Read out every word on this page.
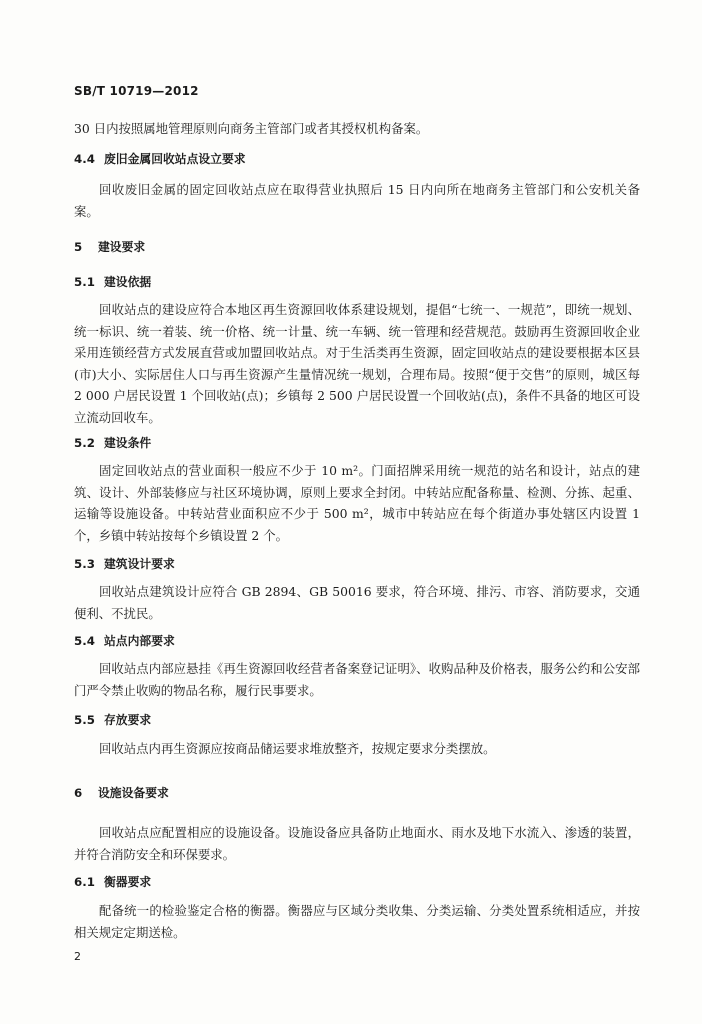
SB/T 10719—2012
30 日内按照属地管理原则向商务主管部门或者其授权机构备案。
4.4 废旧金属回收站点设立要求
回收废旧金属的固定回收站点应在取得营业执照后 15 日内向所在地商务主管部门和公安机关备案。
5 建设要求
5.1 建设依据
回收站点的建设应符合本地区再生资源回收体系建设规划，提倡“七统一、一规范”，即统一规划、统一标识、统一着装、统一价格、统一计量、统一车辆、统一管理和经营规范。鼓励再生资源回收企业采用连锁经营方式发展直营或加盟回收站点。对于生活类再生资源，固定回收站点的建设要根据本区县(市)大小、实际居住人口与再生资源产生量情况统一规划，合理布局。按照“便于交售”的原则，城区每 2 000 户居民设置 1 个回收站(点)；乡镇每 2 500 户居民设置一个回收站(点)，条件不具备的地区可设立流动回收车。
5.2 建设条件
固定回收站点的营业面积一般应不少于 10 m²。门面招牌采用统一规范的站名和设计，站点的建筑、设计、外部装修应与社区环境协调，原则上要求全封闭。中转站应配备称量、检测、分拣、起重、运输等设施设备。中转站营业面积应不少于 500 m²，城市中转站应在每个街道办事处辖区内设置 1 个，乡镇中转站按每个乡镇设置 2 个。
5.3 建筑设计要求
回收站点建筑设计应符合 GB 2894、GB 50016 要求，符合环境、排污、市容、消防要求，交通便利、不扰民。
5.4 站点内部要求
回收站点内部应悬挂《再生资源回收经营者备案登记证明》、收购品种及价格表，服务公约和公安部门严令禁止收购的物品名称，履行民事要求。
5.5 存放要求
回收站点内再生资源应按商品储运要求堆放整齐，按规定要求分类摆放。
6 设施设备要求
回收站点应配置相应的设施设备。设施设备应具备防止地面水、雨水及地下水流入、渗透的装置，并符合消防安全和环保要求。
6.1 衡器要求
配备统一的检验鉴定合格的衡器。衡器应与区域分类收集、分类运输、分类处置系统相适应，并按相关规定定期送检。
2
